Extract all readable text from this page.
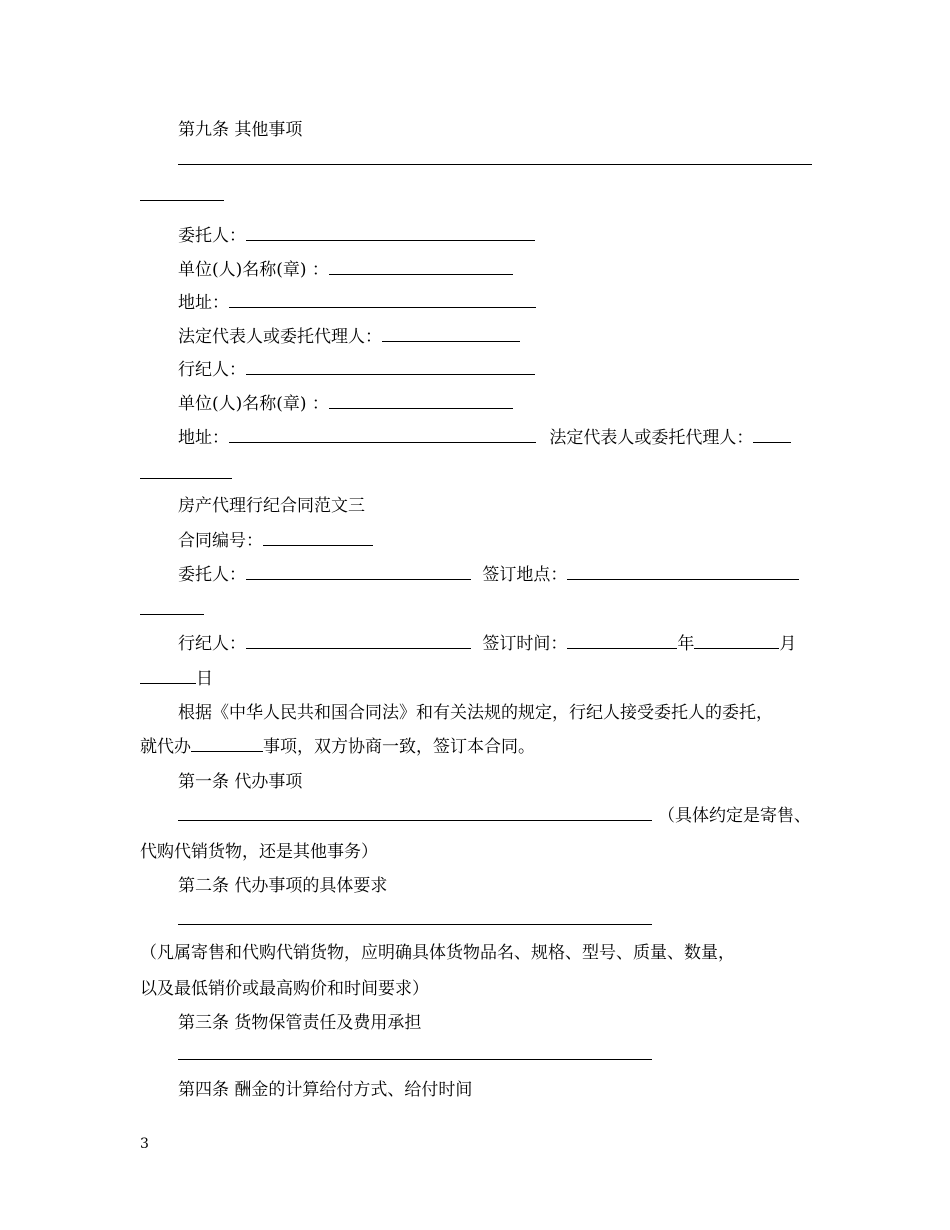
第九条 其他事项
委托人：
单位(人)名称(章) ：
地址：
法定代表人或委托代理人：
行纪人：
单位(人)名称(章) ：
地址：	法定代表人或委托代理人：
房产代理行纪合同范文三
合同编号：
委托人：	签订地点：
行纪人：	签订时间：	年	月
日
根据《中华人民共和国合同法》和有关法规的规定，行纪人接受委托人的委托，
就代办	事项，双方协商一致，签订本合同。
第一条 代办事项
（具体约定是寄售、
代购代销货物，还是其他事务）
第二条 代办事项的具体要求
（凡属寄售和代购代销货物，应明确具体货物品名、规格、型号、质量、数量，
以及最低销价或最高购价和时间要求）
第三条 货物保管责任及费用承担
第四条 酬金的计算给付方式、给付时间
3
